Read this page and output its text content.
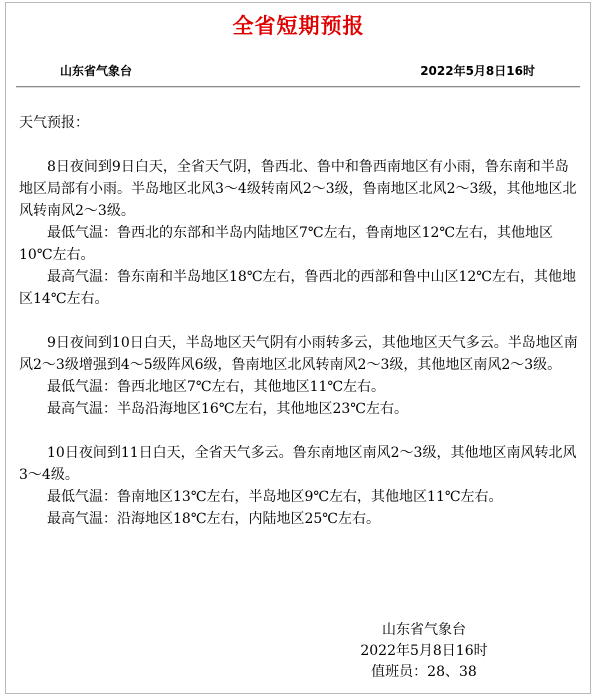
全省短期预报
山东省气象台	2022年5月8日16时

天气预报：

8日夜间到9日白天，全省天气阴，鲁西北、鲁中和鲁西南地区有小雨，鲁东南和半岛地区局部有小雨。半岛地区北风3～4级转南风2～3级，鲁南地区北风2～3级，其他地区北风转南风2～3级。

最低气温：鲁西北的东部和半岛内陆地区7℃左右，鲁南地区12℃左右，其他地区10℃左右。

最高气温：鲁东南和半岛地区18℃左右，鲁西北的西部和鲁中山区12℃左右，其他地区14℃左右。

9日夜间到10日白天，半岛地区天气阴有小雨转多云，其他地区天气多云。半岛地区南风2～3级增强到4～5级阵风6级，鲁南地区北风转南风2～3级，其他地区南风2～3级。

最低气温：鲁西北地区7℃左右，其他地区11℃左右。

最高气温：半岛沿海地区16℃左右，其他地区23℃左右。

10日夜间到11日白天，全省天气多云。鲁东南地区南风2～3级，其他地区南风转北风3～4级。

最低气温：鲁南地区13℃左右，半岛地区9℃左右，其他地区11℃左右。

最高气温：沿海地区18℃左右，内陆地区25℃左右。

山东省气象台
2022年5月8日16时
值班员：28、38
